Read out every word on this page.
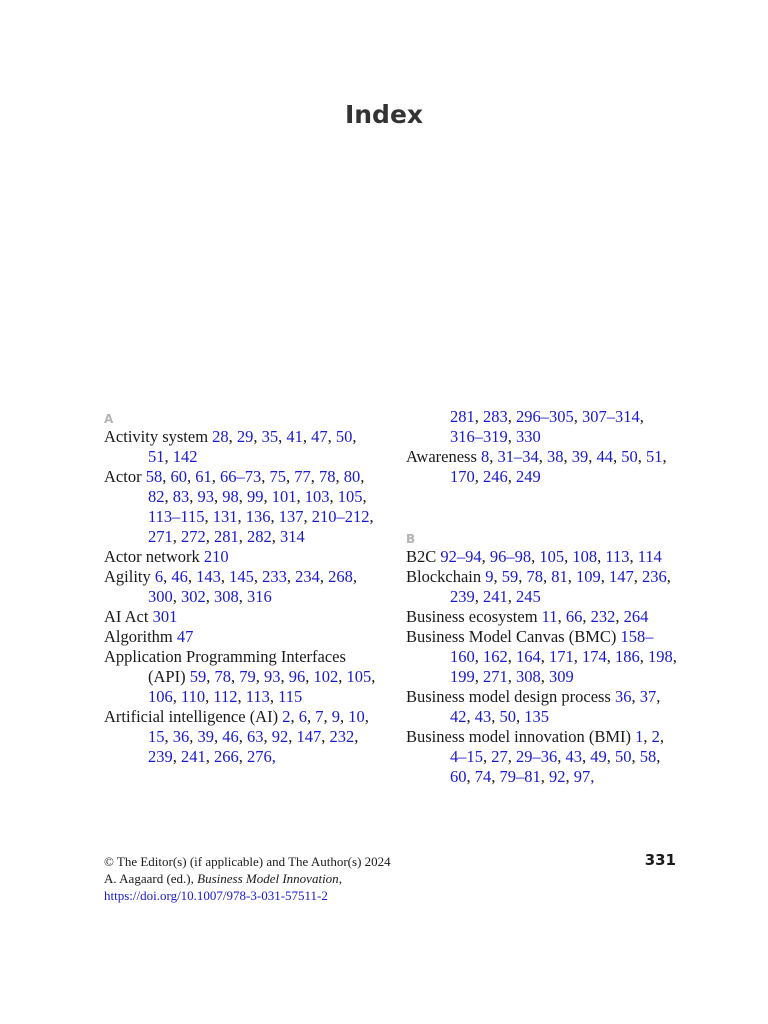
Index
A
Activity system 28, 29, 35, 41, 47, 50, 51, 142
Actor 58, 60, 61, 66–73, 75, 77, 78, 80, 82, 83, 93, 98, 99, 101, 103, 105, 113–115, 131, 136, 137, 210–212, 271, 272, 281, 282, 314
Actor network 210
Agility 6, 46, 143, 145, 233, 234, 268, 300, 302, 308, 316
AI Act 301
Algorithm 47
Application Programming Interfaces (API) 59, 78, 79, 93, 96, 102, 105, 106, 110, 112, 113, 115
Artificial intelligence (AI) 2, 6, 7, 9, 10, 15, 36, 39, 46, 63, 92, 147, 232, 239, 241, 266, 276,
281, 283, 296–305, 307–314, 316–319, 330
Awareness 8, 31–34, 38, 39, 44, 50, 51, 170, 246, 249
B
B2C 92–94, 96–98, 105, 108, 113, 114
Blockchain 9, 59, 78, 81, 109, 147, 236, 239, 241, 245
Business ecosystem 11, 66, 232, 264
Business Model Canvas (BMC) 158–160, 162, 164, 171, 174, 186, 198, 199, 271, 308, 309
Business model design process 36, 37, 42, 43, 50, 135
Business model innovation (BMI) 1, 2, 4–15, 27, 29–36, 43, 49, 50, 58, 60, 74, 79–81, 92, 97,
© The Editor(s) (if applicable) and The Author(s) 2024
A. Aagaard (ed.), Business Model Innovation,
https://doi.org/10.1007/978-3-031-57511-2
331
